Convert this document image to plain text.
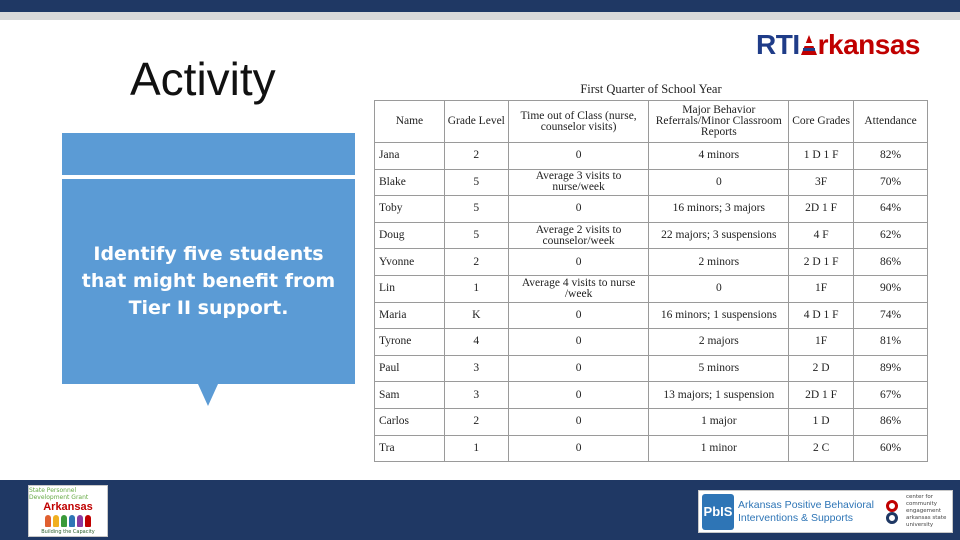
RTI rkansas
Activity
Identify five students that might benefit from Tier II support.
First Quarter of School Year
Name	Grade Level	Time out of Class (nurse, counselor visits)	Major Behavior Referrals/Minor Classroom Reports	Core Grades	Attendance
Jana	2	0	4 minors	1 D 1 F	82%
Blake	5	Average 3 visits to nurse/week	0	3F	70%
Toby	5	0	16 minors; 3 majors	2D 1 F	64%
Doug	5	Average 2 visits to counselor/week	22 majors; 3 suspensions	4 F	62%
Yvonne	2	0	2 minors	2 D 1 F	86%
Lin	1	Average 4 visits to nurse /week	0	1F	90%
Maria	K	0	16 minors; 1 suspensions	4 D 1 F	74%
Tyrone	4	0	2 majors	1F	81%
Paul	3	0	5 minors	2 D	89%
Sam	3	0	13 majors; 1 suspension	2D 1 F	67%
Carlos	2	0	1 major	1 D	86%
Tra	1	0	1 minor	2 C	60%
State Personnel Development Grant
Arkansas
Building the Capacity
PbIS Arkansas Positive Behavioral
Interventions & Supports
center for
community
engagement
arkansas state
university
